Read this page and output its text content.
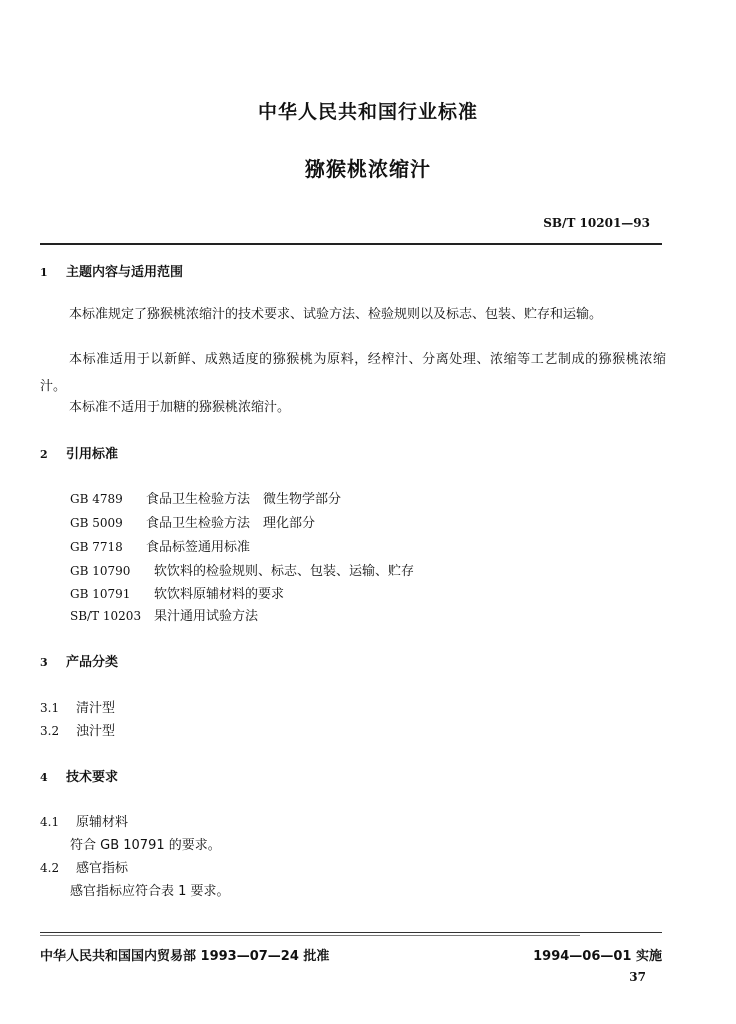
中华人民共和国行业标准
猕猴桃浓缩汁
SB/T 10201—93
1 主题内容与适用范围
本标准规定了猕猴桃浓缩汁的技术要求、试验方法、检验规则以及标志、包装、贮存和运输。
本标准适用于以新鲜、成熟适度的猕猴桃为原料，经榨汁、分离处理、浓缩等工艺制成的猕猴桃浓缩汁。
本标准不适用于加糖的猕猴桃浓缩汁。
2 引用标准
GB 4789 食品卫生检验方法　微生物学部分
GB 5009 食品卫生检验方法　理化部分
GB 7718 食品标签通用标准
GB 10790 软饮料的检验规则、标志、包装、运输、贮存
GB 10791 软饮料原辅材料的要求
SB/T 10203 果汁通用试验方法
3 产品分类
3.1 清汁型
3.2 浊汁型
4 技术要求
4.1 原辅材料
符合 GB 10791 的要求。
4.2 感官指标
感官指标应符合表 1 要求。
中华人民共和国国内贸易部 1993—07—24 批准	1994—06—01 实施
37
